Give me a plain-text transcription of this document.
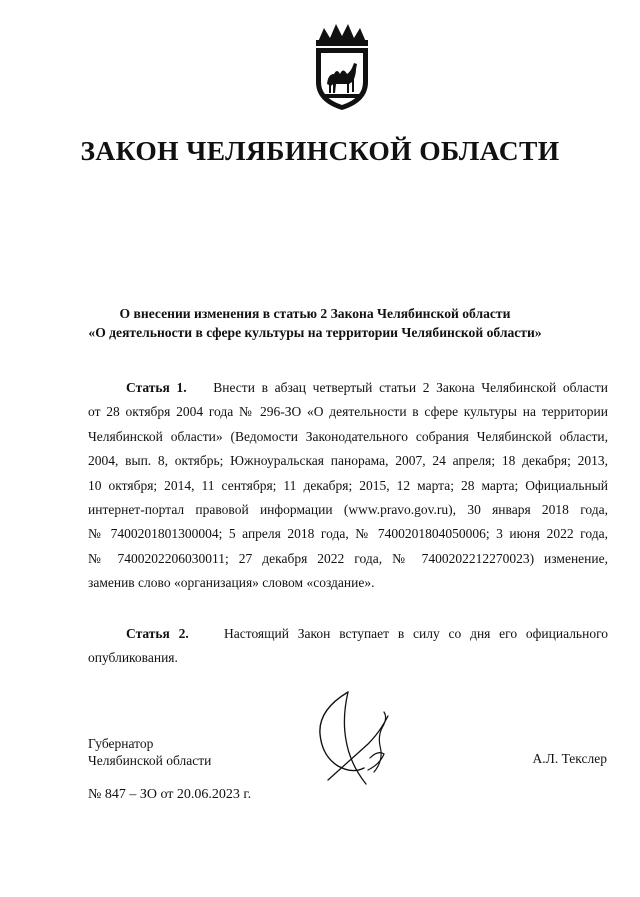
ЗАКОН ЧЕЛЯБИНСКОЙ ОБЛАСТИ
О внесении изменения в статью 2 Закона Челябинской области
«О деятельности в сфере культуры на территории Челябинской области»
Статья 1. Внести в абзац четвертый статьи 2 Закона Челябинской области
от 28 октября 2004 года № 296-ЗО «О деятельности в сфере культуры на территории
Челябинской области» (Ведомости Законодательного собрания Челябинской области,
2004, вып. 8, октябрь; Южноуральская панорама, 2007, 24 апреля; 18 декабря; 2013,
10 октября; 2014, 11 сентября; 11 декабря; 2015, 12 марта; 28 марта; Официальный
интернет-портал правовой информации (www.pravo.gov.ru), 30 января 2018 года,
№ 7400201801300004; 5 апреля 2018 года, № 7400201804050006; 3 июня 2022 года,
№ 7400202206030011; 27 декабря 2022 года, № 7400202212270023) изменение,
заменив слово «организация» словом «создание».
Статья 2.	Настоящий Закон вступает в силу со дня его официального
опубликования.
Губернатор
Челябинской области	А.Л. Текслер
№ 847 – ЗО от 20.06.2023 г.
